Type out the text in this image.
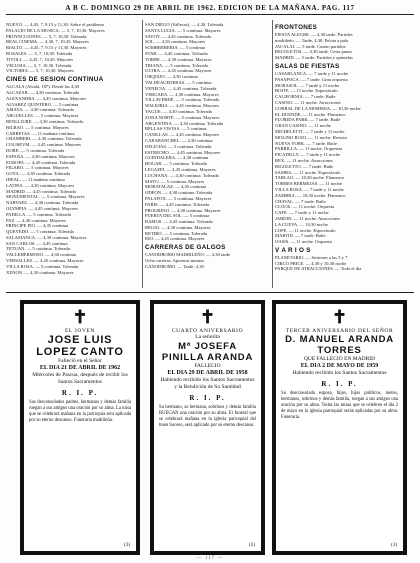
A B C. DOMINGO 29 DE ABRIL DE 1962. EDICION DE LA MAÑANA. PAG. 117
NUEVO. — 4,45, 7, 9,15 y 11,30. Sobre el problema
PALACIO DE LA MUSICA. — 5, 7, 10,30. Mayores
PROYECCIONES. — 5, 7, 10,30. Tolerada
REAL CINEMA. — 4,30, 7, 10,45. Mayores
RIALTO. — 4,45, 7, 9,15 y 11,30. Mayores
ROSALES. — 5, 7, 10,30. Tolerada
TIVOLI. — 4,45, 7, 10,45. Mayores
VELUSIA. — 5, 7, 10,30. Tolerada
VICTORIA. — 5, 7, 10,30. Mayores
CINES DE SESION CONTINUA
ALCALA (Alcalá, 187). Desde las 4,30
ALCAZAR. — 4,30 continua. Tolerada
ALEXANDRA. — 4,45 continua. Mayores
ALVAREZ QUINTERO. — 5 continua
AMAYA. — 4,30 continua. Tolerada
ARGUELLES. — 5 continua. Mayores
BENLLIURE. — 4,30 continua. Tolerada
BILBAO. — 5 continua. Mayores
CARRETAS. — 11 mañana continua
CHAMBERI. — 4,30 continua. Tolerada
COLISEVM. — 4,45 continua. Mayores
DORE. — 5 continua. Tolerada
ESPAÑA. — 4,30 continua. Mayores
EUROPA. — 4,45 continua. Tolerada
FIGARO. — 5 continua. Mayores
GOYA. — 4,30 continua. Tolerada
IDEAL. — 11 mañana continua
LATINA. — 4,30 continua. Mayores
MADRID. — 4,45 continua. Tolerada
MONUMENTAL. — 5 continua. Mayores
NARVAEZ. — 4,30 continua. Tolerada
OLYMPIA. — 4,45 continua. Mayores
PADILLA. — 5 continua. Tolerada
PAZ. — 4,30 continua. Mayores
PRINCIPE PIO. — 4,45 continua
QUEVEDO. — 5 continua. Tolerada
SALAMANCA. — 4,30 continua. Mayores
SAN CARLOS. — 4,45 continua
TETUAN. — 5 continua. Tolerada
VALLEHERMOSO. — 4,30 continua
VERSALLES. — 4,45 continua. Mayores
VILLA ROSA. — 5 continua. Tolerada
XENON. — 4,30 continua. Mayores
SAN DIEGO (Vallecas). — 4,30. Tolerada
SANTA LUCIA. — 5 continua. Mayores
SAVOY. — 4,45 continua. Tolerada
SOL. — 4,30 continua. Mayores
SOMBRERERIA. — 5 continua
STAR. — 4,45 continua. Tolerada
TORRE. — 4,30 continua. Mayores
TRIANA. — 5 continua. Tolerada
ULTRA. — 4,45 continua. Mayores
URQUIJO. — 4,30 continua
VALDEACEDERAS. — 5 continua
VENECIA. — 4,45 continua. Tolerada
VERGARA. — 4,30 continua. Mayores
VILLAVERDE. — 5 continua. Tolerada
WALKIRIA. — 4,45 continua. Mayores
YAGÜE. — 4,30 continua. Tolerada
ZONA NORTE. — 5 continua. Mayores
ARGENTINA. — 4,30 continua. Tolerada
BELLAS VISTAS. — 5 continua
CANILLAS. — 4,45 continua. Mayores
CARABANCHEL. — 4,30 continua
DELICIAS. — 5 continua. Tolerada
ESTRECHO. — 4,45 continua. Mayores
GUINDALERA. — 4,30 continua
HOGAR. — 5 continua. Tolerada
LEGAZPI. — 4,45 continua. Mayores
LUCHANA. — 4,30 continua. Tolerada
MAYO. — 5 continua. Mayores
MORATALAZ. — 4,45 continua
ODEON. — 4,30 continua. Tolerada
PALAFOX. — 5 continua. Mayores
PARIS. — 4,45 continua. Tolerada
PROGRESO. — 4,30 continua. Mayores
PUERTA DEL SOL. — 5 continua
RAMOS. — 4,45 continua. Tolerada
REGIO. — 4,30 continua. Mayores
RETIRO. — 5 continua. Tolerada
RIO. — 4,45 continua. Mayores
CARRERAS DE GALGOS
CANODROMO MADRILEÑO. — 4,30 tarde
Ocho carreras. Apuestas mutuas
CANODROMO. — Tarde, 4,30
FRONTONES
FIESTA ALEGRE. — 4,30 tarde. Partidos
madrileño. — Tarde, 4,30. Pelota a pala
JAI-ALAI. — 5 tarde. Cuatro partidos
RECOLETOS. — 4,30 tarde. Cesta punta
MADRID. — 5 tarde. Partidos y quinielas
SALAS DE FIESTAS
CASABLANCA. — 7 tarde y 11 noche
PASAPOGA. — 7 tarde. Gran orquesta
MORASOL. — 7 tarde y 11 noche
BOITE. — 11 noche. Espectáculo
CALIFORNIA. — 7 tarde. Baile
CASINO. — 11 noche. Atracciones
CORRAL DE LA MORERIA. — 10,30 noche
EL DUENDE. — 11 noche. Flamenco
FLORIDA PARK. — 7 tarde. Baile
GRAN CASINO. — 11 noche
MICHELETTI. — 7 tarde y 11 noche
MOLINO ROJO. — 11 noche. Revista
NUEVA YORK. — 7 tarde. Baile
PARRILLA. — 11 noche. Orquestas
PICADILLY. — 7 tarde y 11 noche
REX. — 11 noche. Atracciones
RIGOLETTO. — 7 tarde. Baile
SAMBA. — 11 noche. Espectáculo
TABLAO. — 10,30 noche. Flamenco
TORRES BERMEJAS. — 11 noche
VILLA ROSA. — 7 tarde y 11 noche
ZAMBRA. — 10,30 noche. Flamenco
CHAVAL. — 7 tarde. Baile
CLOCK. — 11 noche. Orquesta
CAFE. — 7 tarde y 11 noche
JARDIN. — 11 noche. Atracciones
LA CUEVA. — 10,30 noche
LOPE. — 11 noche. Espectáculo
MARTIN. — 7 tarde. Baile
OASIS. — 11 noche. Orquesta
V A R I O S
PLANETARIO. — Sesiones a las 5 y 7
CIRCO PRICE. — 4,30 y 10,30 noche
PARQUE DE ATRACCIONES. — Todo el día
✝
EL JOVEN
JOSE LUIS LOPEZ CANTO
Falleció en el Señor
EL DIA 21 DE ABRIL DE 1962
Miércoles de Pascua, después de recibir los Santos Sacramentos
R. I. P.
Sus desconsolados padres, hermanos y demás familia ruegan a sus amigos una oración por su alma. La misa que se celebrará mañana en la parroquia será aplicada por su eterno descanso. Funeraria madrileña.
(3)
✝
CUARTO ANIVERSARIO
La señorita
Mª JOSEFA PINILLA ARANDA
FALLECIO
EL DIA 29 DE ABRIL DE 1958
Habiendo recibido los Santos Sacramentos y la Bendición de Su Santidad
R. I. P.
Su hermano, su hermana, sobrinos y demás familia RUEGAN una oración por su alma. El funeral que se celebrará mañana en la iglesia parroquial del buen Suceso, será aplicado por su eterno descanso.
(2)
✝
TERCER ANIVERSARIO DEL SEÑOR
D. MANUEL ARANDA TORRES
QUE FALLECIO EN MADRID
EL DIA 2 DE MAYO DE 1959
Habiendo recibido los Santos Sacramentos
R. I. P.
Su desconsolada esposa, hijos, hijos políticos, nietos, hermanos, sobrinos y demás familia, ruegan a sus amigos una oración por su alma. Todas las misas que se celebren el día 2 de mayo en la iglesia parroquial serán aplicadas por su alma. Funeraria.
(1)
— 117 —
